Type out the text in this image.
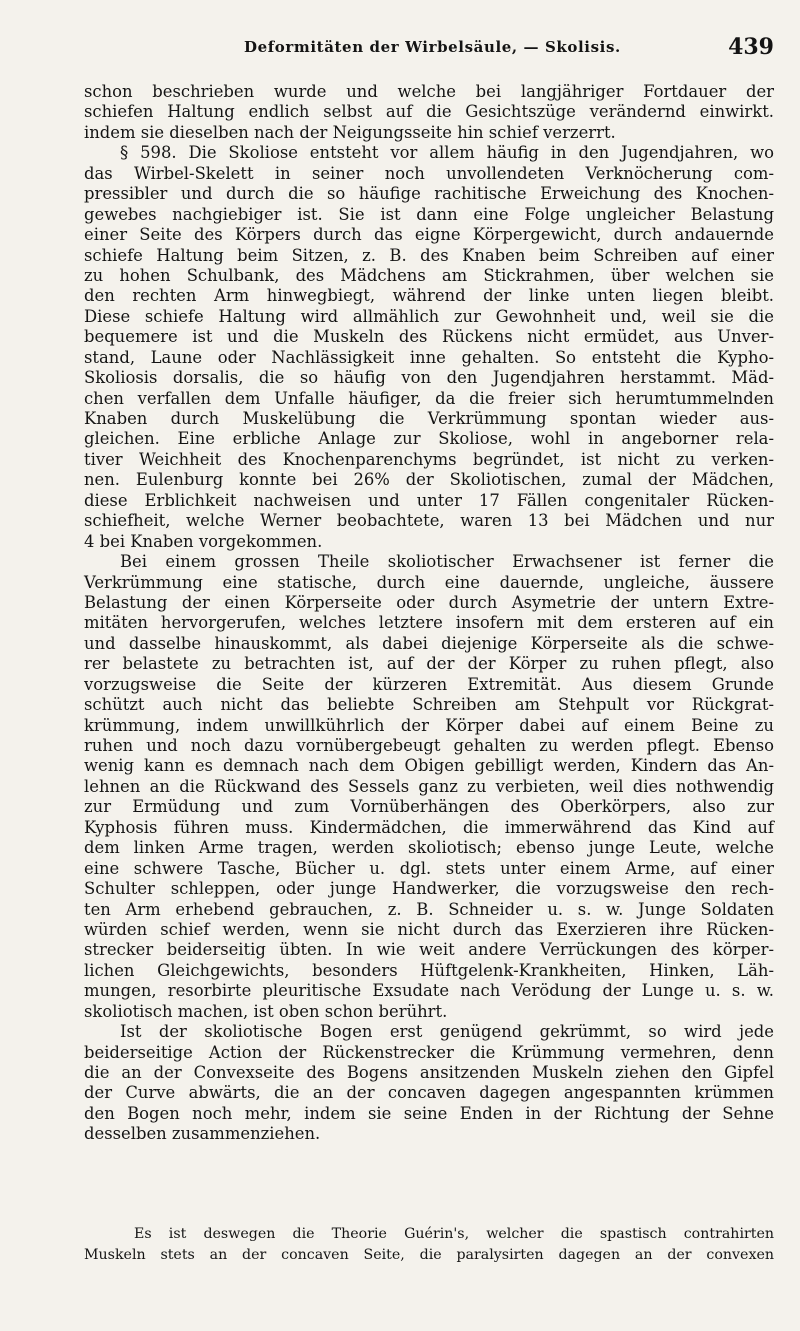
Deformitäten der Wirbelsäule, — Skolisis.	439
schon beschrieben wurde und welche bei langjähriger Fortdauer der
schiefen Haltung endlich selbst auf die Gesichtszüge verändernd einwirkt.
indem sie dieselben nach der Neigungsseite hin schief verzerrt.
§ 598. Die Skoliose entsteht vor allem häufig in den Jugendjahren, wo
das Wirbel-Skelett in seiner noch unvollendeten Verknöcherung com-
pressibler und durch die so häufige rachitische Erweichung des Knochen-
gewebes nachgiebiger ist. Sie ist dann eine Folge ungleicher Belastung
einer Seite des Körpers durch das eigne Körpergewicht, durch andauernde
schiefe Haltung beim Sitzen, z. B. des Knaben beim Schreiben auf einer
zu hohen Schulbank, des Mädchens am Stickrahmen, über welchen sie
den rechten Arm hinwegbiegt, während der linke unten liegen bleibt.
Diese schiefe Haltung wird allmählich zur Gewohnheit und, weil sie die
bequemere ist und die Muskeln des Rückens nicht ermüdet, aus Unver-
stand, Laune oder Nachlässigkeit inne gehalten. So entsteht die Kypho-
Skoliosis dorsalis, die so häufig von den Jugendjahren herstammt. Mäd-
chen verfallen dem Unfalle häufiger, da die freier sich herumtummelnden
Knaben durch Muskelübung die Verkrümmung spontan wieder aus-
gleichen. Eine erbliche Anlage zur Skoliose, wohl in angeborner rela-
tiver Weichheit des Knochenparenchyms begründet, ist nicht zu verken-
nen. Eulenburg konnte bei 26% der Skoliotischen, zumal der Mädchen,
diese Erblichkeit nachweisen und unter 17 Fällen congenitaler Rücken-
schiefheit, welche Werner beobachtete, waren 13 bei Mädchen und nur
4 bei Knaben vorgekommen.
Bei einem grossen Theile skoliotischer Erwachsener ist ferner die
Verkrümmung eine statische, durch eine dauernde, ungleiche, äussere
Belastung der einen Körperseite oder durch Asymetrie der untern Extre-
mitäten hervorgerufen, welches letztere insofern mit dem ersteren auf ein
und dasselbe hinauskommt, als dabei diejenige Körperseite als die schwe-
rer belastete zu betrachten ist, auf der der Körper zu ruhen pflegt, also
vorzugsweise die Seite der kürzeren Extremität. Aus diesem Grunde
schützt auch nicht das beliebte Schreiben am Stehpult vor Rückgrat-
krümmung, indem unwillkührlich der Körper dabei auf einem Beine zu
ruhen und noch dazu vornübergebeugt gehalten zu werden pflegt. Ebenso
wenig kann es demnach nach dem Obigen gebilligt werden, Kindern das An-
lehnen an die Rückwand des Sessels ganz zu verbieten, weil dies nothwendig
zur Ermüdung und zum Vornüberhängen des Oberkörpers, also zur
Kyphosis führen muss. Kindermädchen, die immerwährend das Kind auf
dem linken Arme tragen, werden skoliotisch; ebenso junge Leute, welche
eine schwere Tasche, Bücher u. dgl. stets unter einem Arme, auf einer
Schulter schleppen, oder junge Handwerker, die vorzugsweise den rech-
ten Arm erhebend gebrauchen, z. B. Schneider u. s. w. Junge Soldaten
würden schief werden, wenn sie nicht durch das Exerzieren ihre Rücken-
strecker beiderseitig übten. In wie weit andere Verrückungen des körper-
lichen Gleichgewichts, besonders Hüftgelenk-Krankheiten, Hinken, Läh-
mungen, resorbirte pleuritische Exsudate nach Verödung der Lunge u. s. w.
skoliotisch machen, ist oben schon berührt.
Ist der skoliotische Bogen erst genügend gekrümmt, so wird jede
beiderseitige Action der Rückenstrecker die Krümmung vermehren, denn
die an der Convexseite des Bogens ansitzenden Muskeln ziehen den Gipfel
der Curve abwärts, die an der concaven dagegen angespannten krümmen
den Bogen noch mehr, indem sie seine Enden in der Richtung der Sehne
desselben zusammenziehen.
Es ist deswegen die Theorie Guérin's, welcher die spastisch contrahirten
Muskeln stets an der concaven Seite, die paralysirten dagegen an der convexen
